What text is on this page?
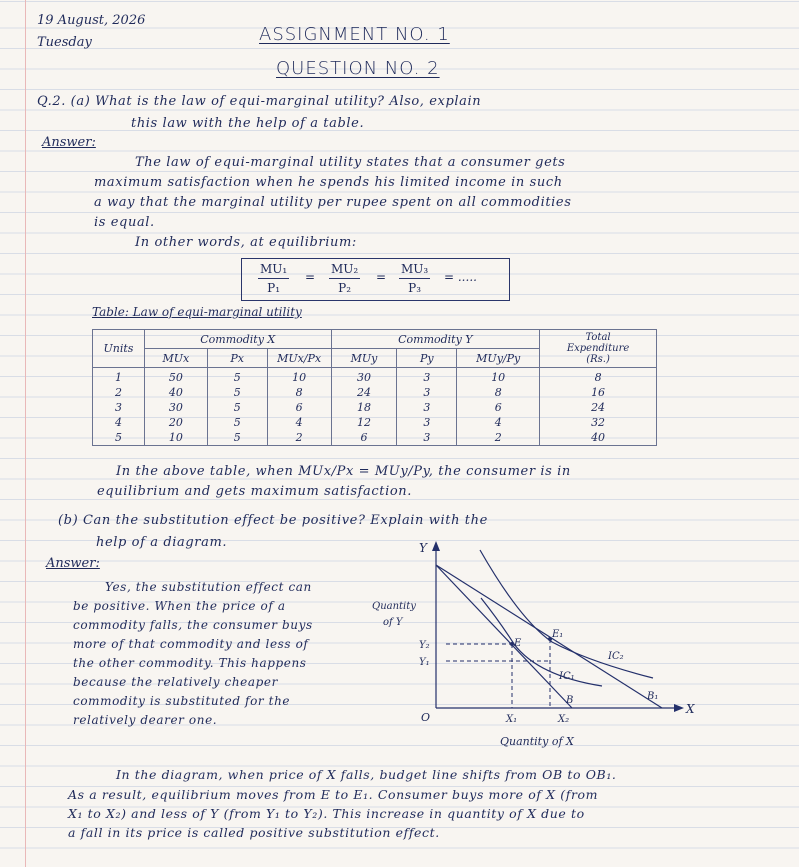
19 August, 2026
Tuesday	ASSIGNMENT NO. 1
QUESTION NO. 2
Q.2. (a) What is the law of equi-marginal utility? Also, explain
this law with the help of a table.
Answer:
The law of equi-marginal utility states that a consumer gets
maximum satisfaction when he spends his limited income in such
a way that the marginal utility per rupee spent on all commodities
is equal.
In other words, at equilibrium:
$\frac{\text{MU₁}}{\text{P₁}} = \frac{\text{MU₂}}{\text{P₂}} = \frac{\text{MU₃}}{\text{P₃}}$ = .....
Table: Law of equi-marginal utility
Units	Commodity X			Commodity Y			Total
Expenditure
(Rs.)
	MUx	Px	MUx/Px	MUy	Py	MUy/Py	
1	50	5	10	30	3	10	8
2	40	5	8	24	3	8	16
3	30	5	6	18	3	6	24
4	20	5	4	12	3	4	32
5	10	5	2	6	3	2	40
In the above table, when MUx/Px = MUy/Py, the consumer is in
equilibrium and gets maximum satisfaction.
(b) Can the substitution effect be positive? Explain with the
help of a diagram.
Answer:
Yes, the substitution effect can
be positive. When the price of a
commodity falls, the consumer buys
more of that commodity and less of
the other commodity. This happens
because the relatively cheaper
commodity is substituted for the
relatively dearer one.
Y
X
O
Quantity
of Y
Quantity of X
Y₂
Y₁
X₁	X₂
E
E₁
IC₁
IC₂
B	B₁
In the diagram, when price of X falls, budget line shifts from OB to OB₁.
As a result, equilibrium moves from E to E₁. Consumer buys more of X (from
X₁ to X₂) and less of Y (from Y₁ to Y₂). This increase in quantity of X due to
a fall in its price is called positive substitution effect.
